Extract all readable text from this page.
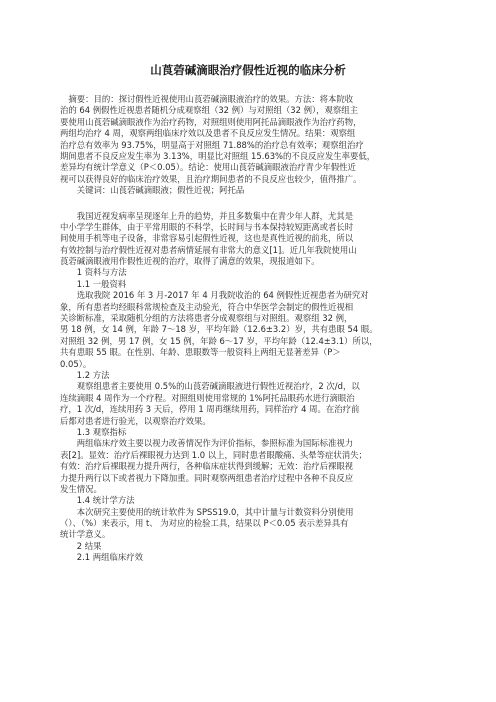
山莨菪碱滴眼治疗假性近视的临床分析
　摘要：目的：探讨假性近视使用山莨菪碱滴眼液治疗的效果。方法：将本院收
治的 64 例假性近视患者随机分成观察组（32 例）与对照组（32 例），观察组主
要使用山莨菪碱滴眼液作为治疗药物，对照组则使用阿托品滴眼液作为治疗药物，
两组均治疗 4 周，观察两组临床疗效以及患者不良反应发生情况。结果：观察组
治疗总有效率为 93.75%，明显高于对照组 71.88%的治疗总有效率；观察组治疗
期间患者不良反应发生率为 3.13%，明显比对照组 15.63%的不良反应发生率要低，
差异均有统计学意义（P＜0.05）。结论：使用山莨菪碱滴眼液治疗青少年假性近
视可以获得良好的临床治疗效果，且治疗期间患者的不良反应也较少，值得推广。
　　关键词：山莨菪碱滴眼液；假性近视；阿托品
　　我国近视发病率呈现逐年上升的趋势，并且多数集中在青少年人群，尤其是
中小学学生群体，由于平常用眼的不科学，长时间与书本保持较短距离或者长时
间使用手机等电子设备，非常容易引起假性近视，这也是真性近视的前兆，所以
有效控制与治疗假性近视对患者病情延展有非常大的意义[1]。近几年我院使用山
莨菪碱滴眼液用作假性近视的治疗，取得了满意的效果，现报道如下。
　　1 资料与方法
　　1.1 一般资料
　　选取我院 2016 年 3 月-2017 年 4 月我院收治的 64 例假性近视患者为研究对
象，所有患者均经眼科常规检查及主动验光，符合中华医学会制定的假性近视相
关诊断标准，采取随机分组的方法将患者分成观察组与对照组。观察组 32 例，
男 18 例，女 14 例，年龄 7～18 岁，平均年龄（12.6±3.2）岁，共有患眼 54 眼。
对照组 32 例，男 17 例，女 15 例，年龄 6～17 岁，平均年龄（12.4±3.1）所以，
共有患眼 55 眼。在性别、年龄、患眼数等一般资料上两组无显著差异（P＞
0.05）。
　　1.2 方法
　　观察组患者主要使用 0.5%的山莨菪碱滴眼液进行假性近视治疗，2 次/d，以
连续滴眼 4 周作为一个疗程。对照组则使用常规的 1%阿托品眼药水进行滴眼治
疗，1 次/d，连续用药 3 天后，停用 1 周再继续用药，同样治疗 4 周。在治疗前
后都对患者进行验光，以观察治疗效果。
　　1.3 观察指标
　　两组临床疗效主要以视力改善情况作为评价指标，参照标准为国际标准视力
表[2]。显效：治疗后裸眼视力达到 1.0 以上，同时患者眼酸痛、头晕等症状消失；
有效：治疗后裸眼视力提升两行，各种临床症状得到缓解；无效：治疗后裸眼视
力提升两行以下或者视力下降加重。同时观察两组患者治疗过程中各种不良反应
发生情况。
　　1.4 统计学方法
　　本次研究主要使用的统计软件为 SPSS19.0，其中计量与计数资料分别使用
（）、（%）来表示，用 t、 为对应的检验工具，结果以 P＜0.05 表示差异具有
统计学意义。
　　2 结果
　　2.1 两组临床疗效
